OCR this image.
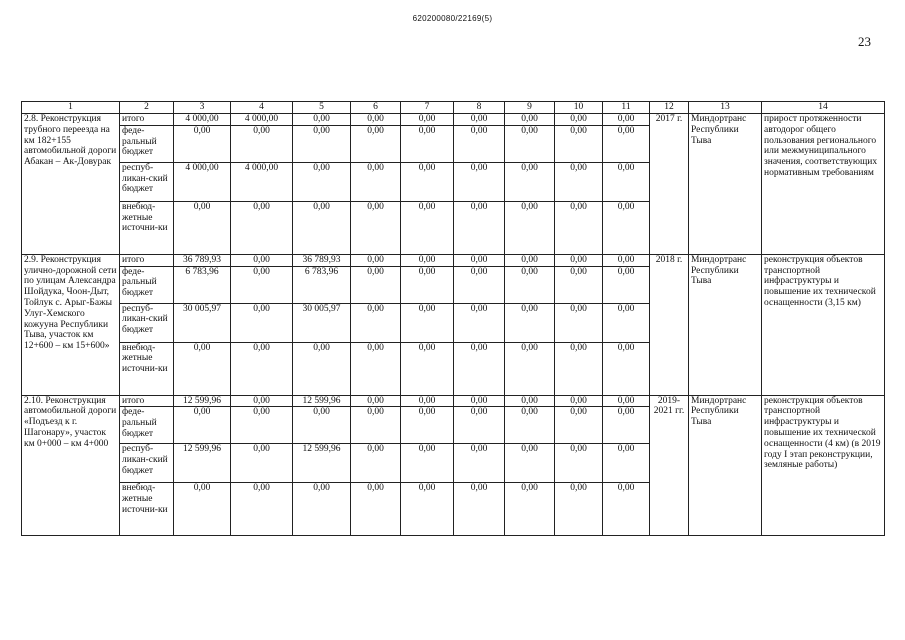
620200080/22169(5)
23
1	2	3	4	5	6	7	8	9	10	11	12	13	14
2.8. Реконструкция трубного переезда на км 182+155 автомобильной дороги Абакан – Ак-Довурак	итого	4 000,00	4 000,00	0,00	0,00	0,00	0,00	0,00	0,00	0,00	2017 г.	Миндортранс Республики Тыва	прирост протяженности автодорог общего пользования регионального или межмуниципального значения, соответствующих нормативным требованиям
	феде-ральный бюджет	0,00	0,00	0,00	0,00	0,00	0,00	0,00	0,00	0,00			
	респуб-ликан-ский бюджет	4 000,00	4 000,00	0,00	0,00	0,00	0,00	0,00	0,00	0,00			
	внебюд-жетные источни-ки	0,00	0,00	0,00	0,00	0,00	0,00	0,00	0,00	0,00			
2.9. Реконструкция улично-дорожной сети по улицам Александра Шойдука, Чоон-Дыт, Тойлук с. Арыг-Бажы Улуг-Хемского кожууна Республики Тыва, участок км 12+600 – км 15+600»	итого	36 789,93	0,00	36 789,93	0,00	0,00	0,00	0,00	0,00	0,00	2018 г.	Миндортранс Республики Тыва	реконструкция объектов транспортной инфраструктуры и повышение их технической оснащенности (3,15 км)
	феде-ральный бюджет	6 783,96	0,00	6 783,96	0,00	0,00	0,00	0,00	0,00	0,00			
	респуб-ликан-ский бюджет	30 005,97	0,00	30 005,97	0,00	0,00	0,00	0,00	0,00	0,00			
	внебюд-жетные источни-ки	0,00	0,00	0,00	0,00	0,00	0,00	0,00	0,00	0,00			
2.10. Реконструкция автомобильной дороги «Подъезд к г. Шагонару», участок км 0+000 – км 4+000	итого	12 599,96	0,00	12 599,96	0,00	0,00	0,00	0,00	0,00	0,00	2019-2021 гг.	Миндортранс Республики Тыва	реконструкция объектов транспортной инфраструктуры и повышение их технической оснащенности (4 км) (в 2019 году I этап реконструкции, земляные работы)
	феде-ральный бюджет	0,00	0,00	0,00	0,00	0,00	0,00	0,00	0,00	0,00			
	респуб-ликан-ский бюджет	12 599,96	0,00	12 599,96	0,00	0,00	0,00	0,00	0,00	0,00			
	внебюд-жетные источни-ки	0,00	0,00	0,00	0,00	0,00	0,00	0,00	0,00	0,00			
